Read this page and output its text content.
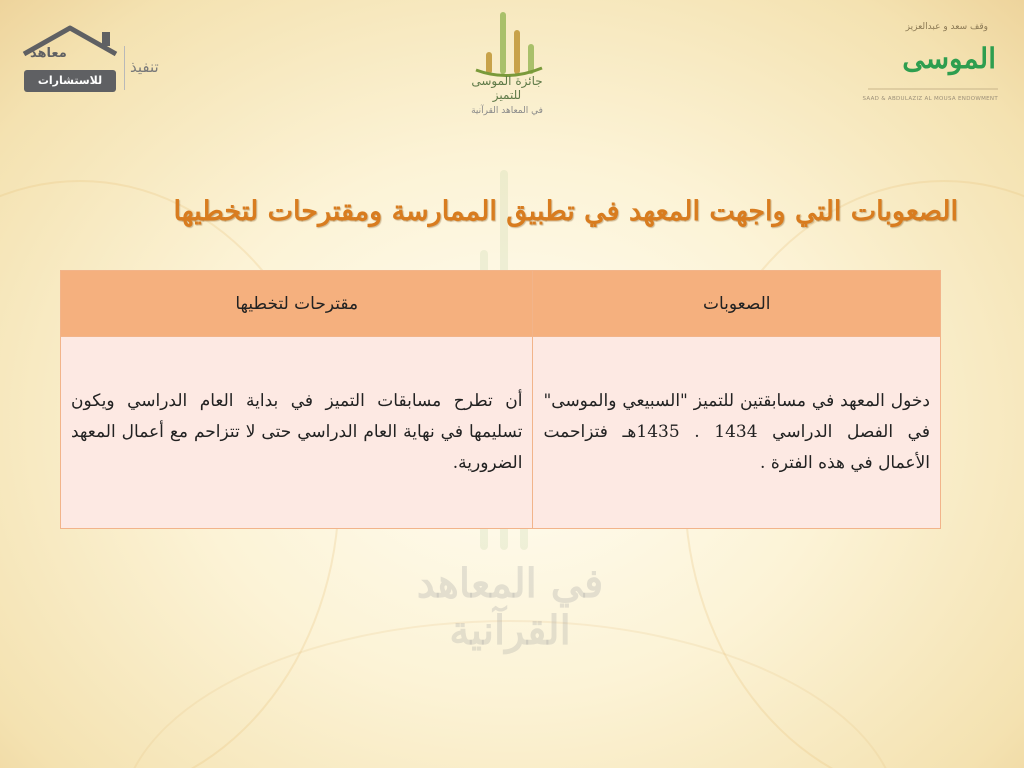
في المعاهد القرآنية
معاهد
للاستشارات
تنفيذ
جائزة الموسى للتميز
في المعاهد القرآنية
وقف سعد و عبدالعزيز
الموسى
SAAD & ABDULAZIZ AL MOUSA ENDOWMENT
الصعوبات التي واجهت المعهد في تطبيق الممارسة ومقترحات لتخطيها
الصعوبات	مقترحات لتخطيها
دخول المعهد في مسابقتين للتميز "السبيعي والموسى" في الفصل الدراسي 1434 . 1435هـ فتزاحمت الأعمال في هذه الفترة .	أن تطرح مسابقات التميز في بداية العام الدراسي ويكون تسليمها في نهاية العام الدراسي حتى لا تتزاحم مع أعمال المعهد الضرورية.
